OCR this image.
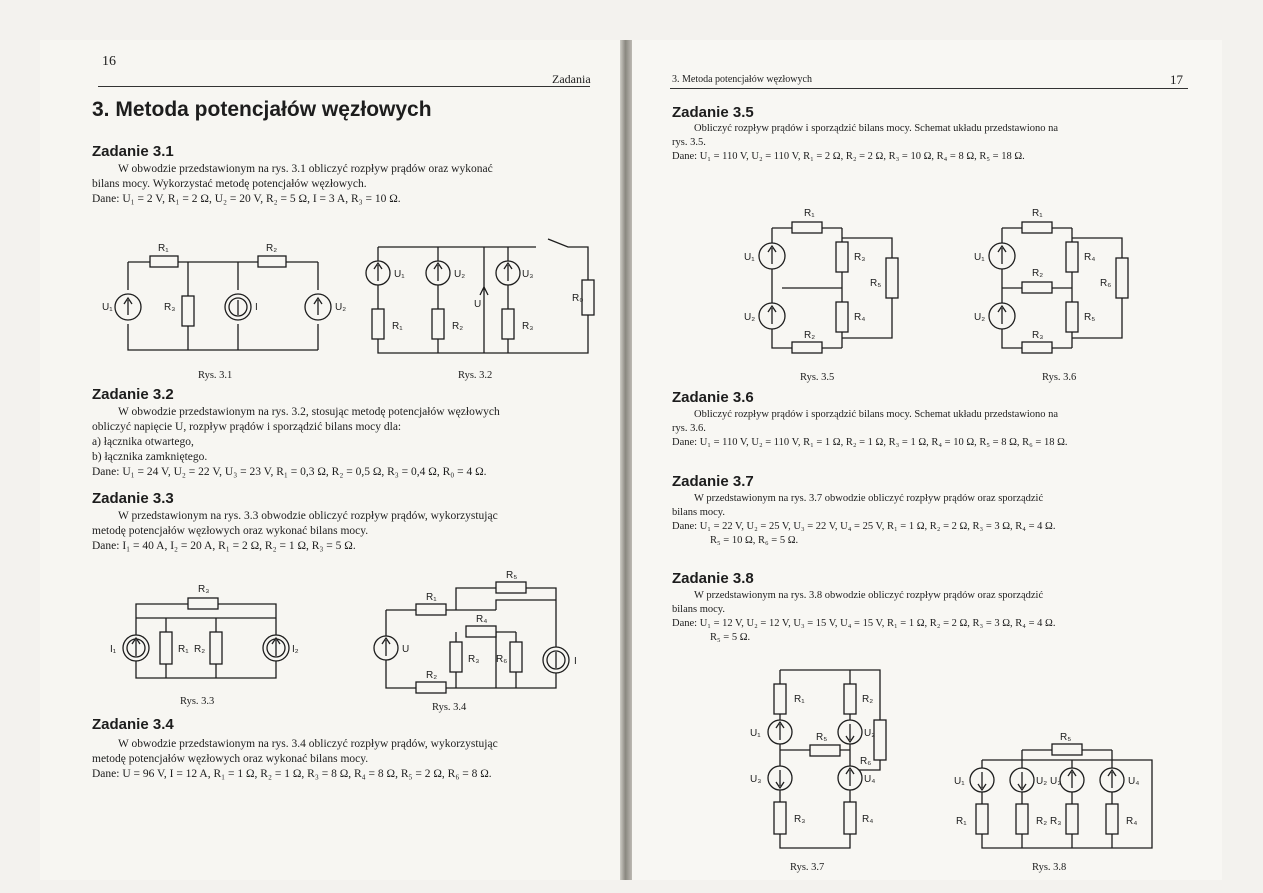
16
Zadania
3. Metoda potencjałów węzłowych
Zadanie 3.1
W obwodzie przedstawionym na rys. 3.1 obliczyć rozpływ prądów oraz wykonać
bilans mocy. Wykorzystać metodę potencjałów węzłowych.
Dane: U₁ = 2 V, R₁ = 2 Ω, U₂ = 20 V, R₂ = 5 Ω, I = 3 A, R₃ = 10 Ω.
R₁	R₂
U₁	R₃	I	U₂
Rys. 3.1
U₁	U₂
U
U₃
R₀
R₁	R₂	R₃
Rys. 3.2
Zadanie 3.2
W obwodzie przedstawionym na rys. 3.2, stosując metodę potencjałów węzłowych
obliczyć napięcie U, rozpływ prądów i sporządzić bilans mocy dla:
a) łącznika otwartego,
b) łącznika zamkniętego.
Dane: U₁ = 24 V, U₂ = 22 V, U₃ = 23 V, R₁ = 0,3 Ω, R₂ = 0,5 Ω, R₃ = 0,4 Ω, R₀ = 4 Ω.
Zadanie 3.3
W przedstawionym na rys. 3.3 obwodzie obliczyć rozpływ prądów, wykorzystując
metodę potencjałów węzłowych oraz wykonać bilans mocy.
Dane: I₁ = 40 A, I₂ = 20 A, R₁ = 2 Ω, R₂ = 1 Ω, R₃ = 5 Ω.
R₃
I₁	R₁ R₂	I₂
Rys. 3.3
R₅
R₁
R₄
U
R₃ R₆	I
R₂
Rys. 3.4
Zadanie 3.4
W obwodzie przedstawionym na rys. 3.4 obliczyć rozpływ prądów, wykorzystując
metodę potencjałów węzłowych oraz wykonać bilans mocy.
Dane: U = 96 V, I = 12 A, R₁ = 1 Ω, R₂ = 1 Ω, R₃ = 8 Ω, R₄ = 8 Ω, R₅ = 2 Ω, R₆ = 8 Ω.
3. Metoda potencjałów węzłowych	17
Zadanie 3.5
Obliczyć rozpływ prądów i sporządzić bilans mocy. Schemat układu przedstawiono na
rys. 3.5.
Dane: U₁ = 110 V, U₂ = 110 V, R₁ = 2 Ω, R₂ = 2 Ω, R₃ = 10 Ω, R₄ = 8 Ω, R₅ = 18 Ω.
R₁
U₁	R₃
R₅
U₂
R₂
R₄
Rys. 3.5
U₁
R₁
R₄
R₂
R₆
U₂
R₃
R₅
Rys. 3.6
Zadanie 3.6
Obliczyć rozpływ prądów i sporządzić bilans mocy. Schemat układu przedstawiono na
rys. 3.6.
Dane: U₁ = 110 V, U₂ = 110 V, R₁ = 1 Ω, R₂ = 1 Ω, R₃ = 1 Ω, R₄ = 10 Ω, R₅ = 8 Ω, R₆ = 18 Ω.
Zadanie 3.7
W przedstawionym na rys. 3.7 obwodzie obliczyć rozpływ prądów oraz sporządzić
bilans mocy.
Dane: U₁ = 22 V, U₂ = 25 V, U₃ = 22 V, U₄ = 25 V, R₁ = 1 Ω, R₂ = 2 Ω, R₃ = 3 Ω, R₄ = 4 Ω.
R₅ = 10 Ω, R₆ = 5 Ω.
Zadanie 3.8
W przedstawionym na rys. 3.8 obwodzie obliczyć rozpływ prądów oraz sporządzić
bilans mocy.
Dane: U₁ = 12 V, U₂ = 12 V, U₃ = 15 V, U₄ = 15 V, R₁ = 1 Ω, R₂ = 2 Ω, R₃ = 3 Ω, R₄ = 4 Ω.
R₅ = 5 Ω.
R₁	R₂
U₁	U₂
R₅
R₆
U₃	U₄
R₃	R₄
Rys. 3.7
R₅
U₁	U₂ U₃	U₄
R₁	R₂ R₃	R₄
Rys. 3.8
